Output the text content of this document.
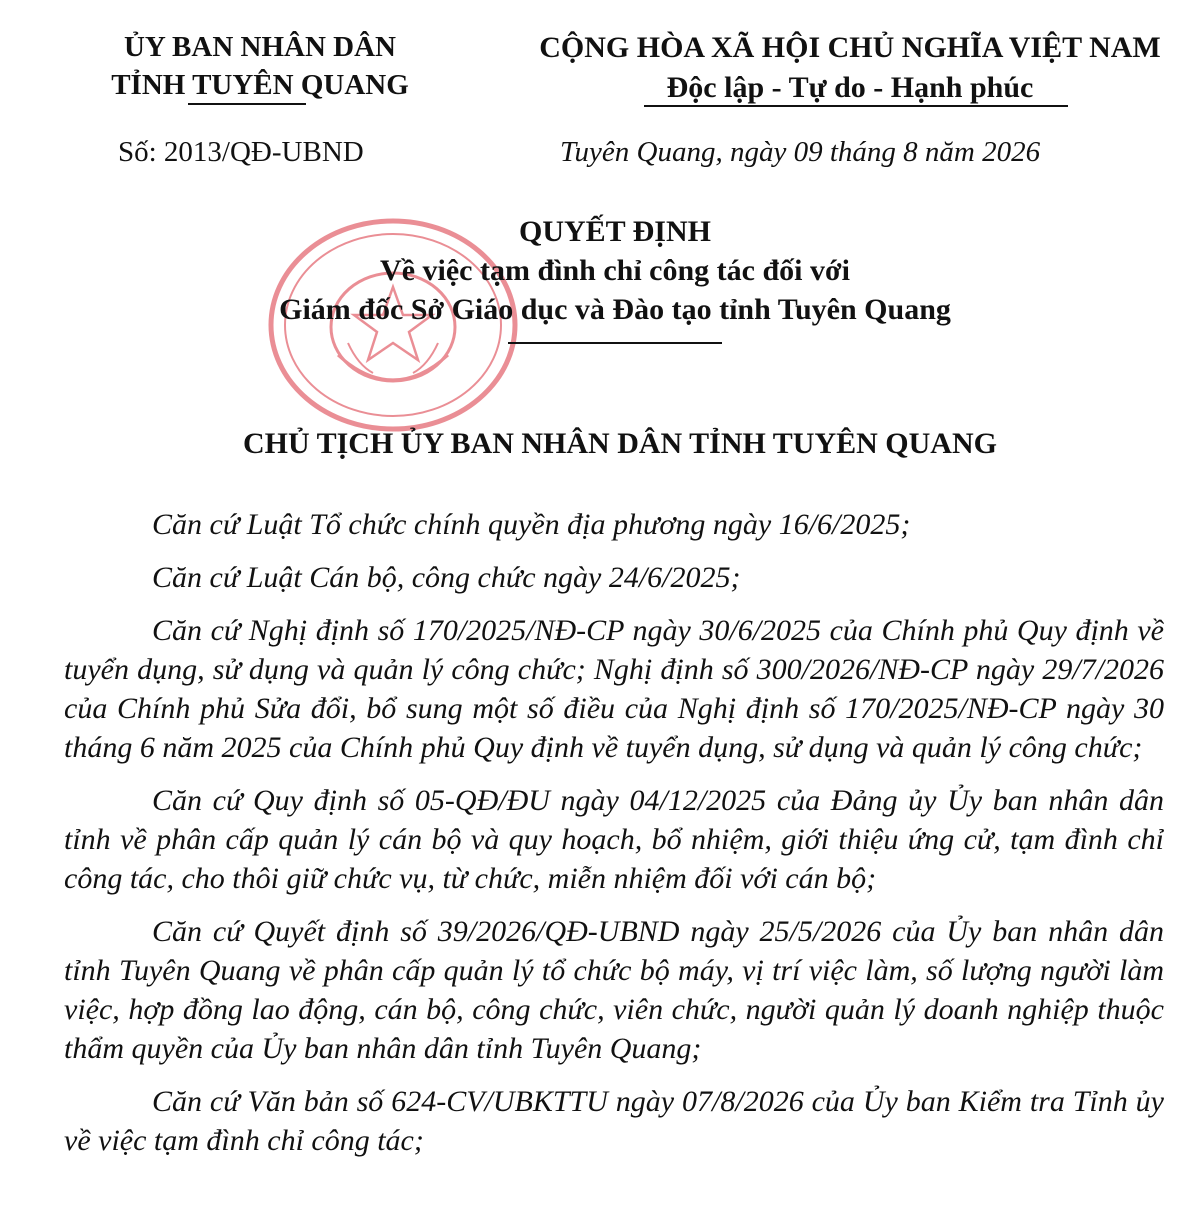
ỦY BAN NHÂN DÂN
TỈNH TUYÊN QUANG
CỘNG HÒA XÃ HỘI CHỦ NGHĨA VIỆT NAM
Độc lập - Tự do - Hạnh phúc
Số: 2013/QĐ-UBND	Tuyên Quang, ngày 09 tháng 8 năm 2026
QUYẾT ĐỊNH
Về việc tạm đình chỉ công tác đối với
Giám đốc Sở Giáo dục và Đào tạo tỉnh Tuyên Quang
CHỦ TỊCH ỦY BAN NHÂN DÂN TỈNH TUYÊN QUANG

Căn cứ Luật Tổ chức chính quyền địa phương ngày 16/6/2025;

Căn cứ Luật Cán bộ, công chức ngày 24/6/2025;

Căn cứ Nghị định số 170/2025/NĐ-CP ngày 30/6/2025 của Chính phủ Quy định về tuyển dụng, sử dụng và quản lý công chức; Nghị định số 300/2026/NĐ-CP ngày 29/7/2026 của Chính phủ Sửa đổi, bổ sung một số điều của Nghị định số 170/2025/NĐ-CP ngày 30 tháng 6 năm 2025 của Chính phủ Quy định về tuyển dụng, sử dụng và quản lý công chức;

Căn cứ Quy định số 05-QĐ/ĐU ngày 04/12/2025 của Đảng ủy Ủy ban nhân dân tỉnh về phân cấp quản lý cán bộ và quy hoạch, bổ nhiệm, giới thiệu ứng cử, tạm đình chỉ công tác, cho thôi giữ chức vụ, từ chức, miễn nhiệm đối với cán bộ;

Căn cứ Quyết định số 39/2026/QĐ-UBND ngày 25/5/2026 của Ủy ban nhân dân tỉnh Tuyên Quang về phân cấp quản lý tổ chức bộ máy, vị trí việc làm, số lượng người làm việc, hợp đồng lao động, cán bộ, công chức, viên chức, người quản lý doanh nghiệp thuộc thẩm quyền của Ủy ban nhân dân tỉnh Tuyên Quang;

Căn cứ Văn bản số 624-CV/UBKTTU ngày 07/8/2026 của Ủy ban Kiểm tra Tỉnh ủy về việc tạm đình chỉ công tác;
